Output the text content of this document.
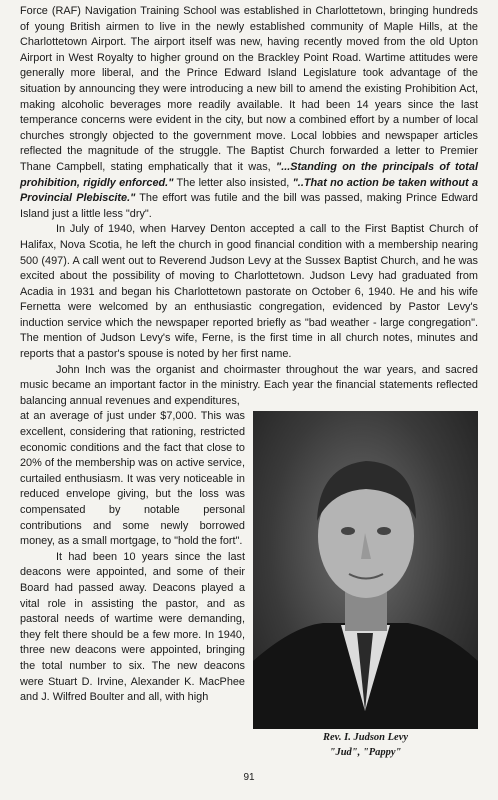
Force (RAF) Navigation Training School was established in Charlottetown, bringing hundreds of young British airmen to live in the newly established community of Maple Hills, at the Charlottetown Airport. The airport itself was new, having recently moved from the old Upton Airport in West Royalty to higher ground on the Brackley Point Road. Wartime attitudes were generally more liberal, and the Prince Edward Island Legislature took advantage of the situation by announcing they were introducing a new bill to amend the existing Prohibition Act, making alcoholic beverages more readily available. It had been 14 years since the last temperance concerns were evident in the city, but now a combined effort by a number of local churches strongly objected to the government move. Local lobbies and newspaper articles reflected the magnitude of the struggle. The Baptist Church forwarded a letter to Premier Thane Campbell, stating emphatically that it was, "...Standing on the principals of total prohibition, rigidly enforced." The letter also insisted, "..That no action be taken without a Provincial Plebiscite." The effort was futile and the bill was passed, making Prince Edward Island just a little less "dry".

In July of 1940, when Harvey Denton accepted a call to the First Baptist Church of Halifax, Nova Scotia, he left the church in good financial condition with a membership nearing 500 (497). A call went out to Reverend Judson Levy at the Sussex Baptist Church, and he was excited about the possibility of moving to Charlottetown. Judson Levy had graduated from Acadia in 1931 and began his Charlottetown pastorate on October 6, 1940. He and his wife Fernetta were welcomed by an enthusiastic congregation, evidenced by Pastor Levy's induction service which the newspaper reported briefly as "bad weather - large congregation". The mention of Judson Levy's wife, Ferne, is the first time in all church notes, minutes and reports that a pastor's spouse is noted by her first name.

John Inch was the organist and choirmaster throughout the war years, and sacred music became an important factor in the ministry. Each year the financial statements reflected balancing annual revenues and expenditures,

Rev. I. Judson Levy
"Jud", "Pappy"
at an average of just under $7,000. This was excellent, considering that rationing, restricted economic conditions and the fact that close to 20% of the membership was on active service, curtailed enthusiasm. It was very noticeable in reduced envelope giving, but the loss was compensated by notable personal contributions and some newly borrowed money, as a small mortgage, to "hold the fort".

It had been 10 years since the last deacons were appointed, and some of their Board had passed away. Deacons played a vital role in assisting the pastor, and as pastoral needs of wartime were demanding, they felt there should be a few more. In 1940, three new deacons were appointed, bringing the total number to six. The new deacons were Stuart D. Irvine, Alexander K. MacPhee and J. Wilfred Boulter and all, with high

91
